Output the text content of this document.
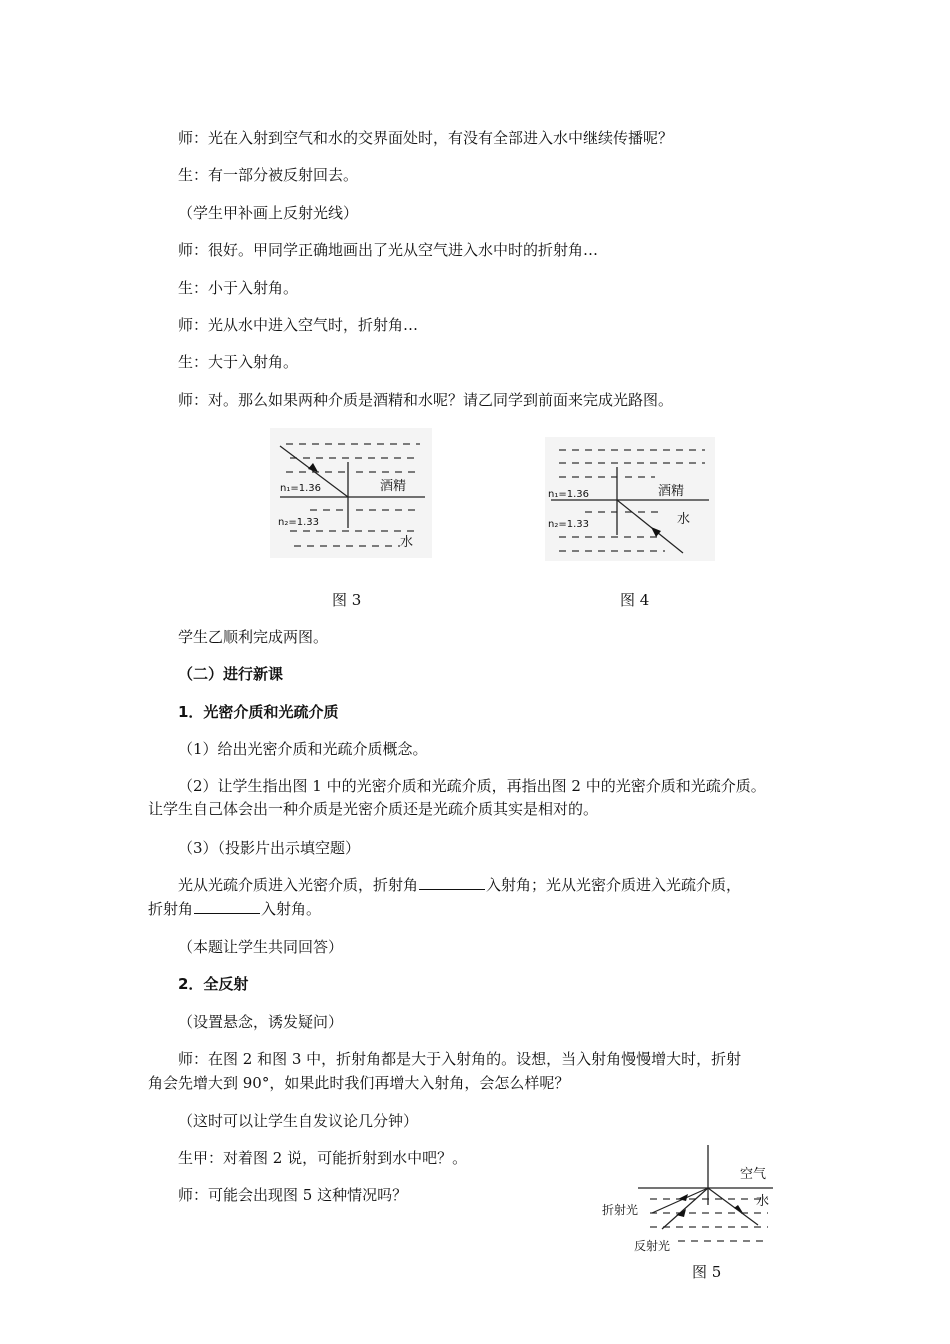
师：光在入射到空气和水的交界面处时，有没有全部进入水中继续传播呢？
生：有一部分被反射回去。
（学生甲补画上反射光线）
师：很好。甲同学正确地画出了光从空气进入水中时的折射角…
生：小于入射角。
师：光从水中进入空气时，折射角…
生：大于入射角。
师：对。那么如果两种介质是酒精和水呢？请乙同学到前面来完成光路图。
n₁=1.36
n₂=1.33
酒精
水
图 3
n₁=1.36
n₂=1.33
酒精
水
图 4
学生乙顺利完成两图。
（二）进行新课
1．光密介质和光疏介质
（1）给出光密介质和光疏介质概念。
（2）让学生指出图 1 中的光密介质和光疏介质，再指出图 2 中的光密介质和光疏介质。
让学生自己体会出一种介质是光密介质还是光疏介质其实是相对的。
（3）（投影片出示填空题）
光从光疏介质进入光密介质，折射角	入射角；光从光密介质进入光疏介质，
折射角	入射角。
（本题让学生共同回答）
2．全反射
（设置悬念，诱发疑问）
师：在图 2 和图 3 中，折射角都是大于入射角的。设想，当入射角慢慢增大时，折射
角会先增大到 90°，如果此时我们再增大入射角，会怎么样呢？
（这时可以让学生自发议论几分钟）
生甲：对着图 2 说，可能折射到水中吧？。
师：可能会出现图 5 这种情况吗？
空气
水
折射光
反射光
图 5
